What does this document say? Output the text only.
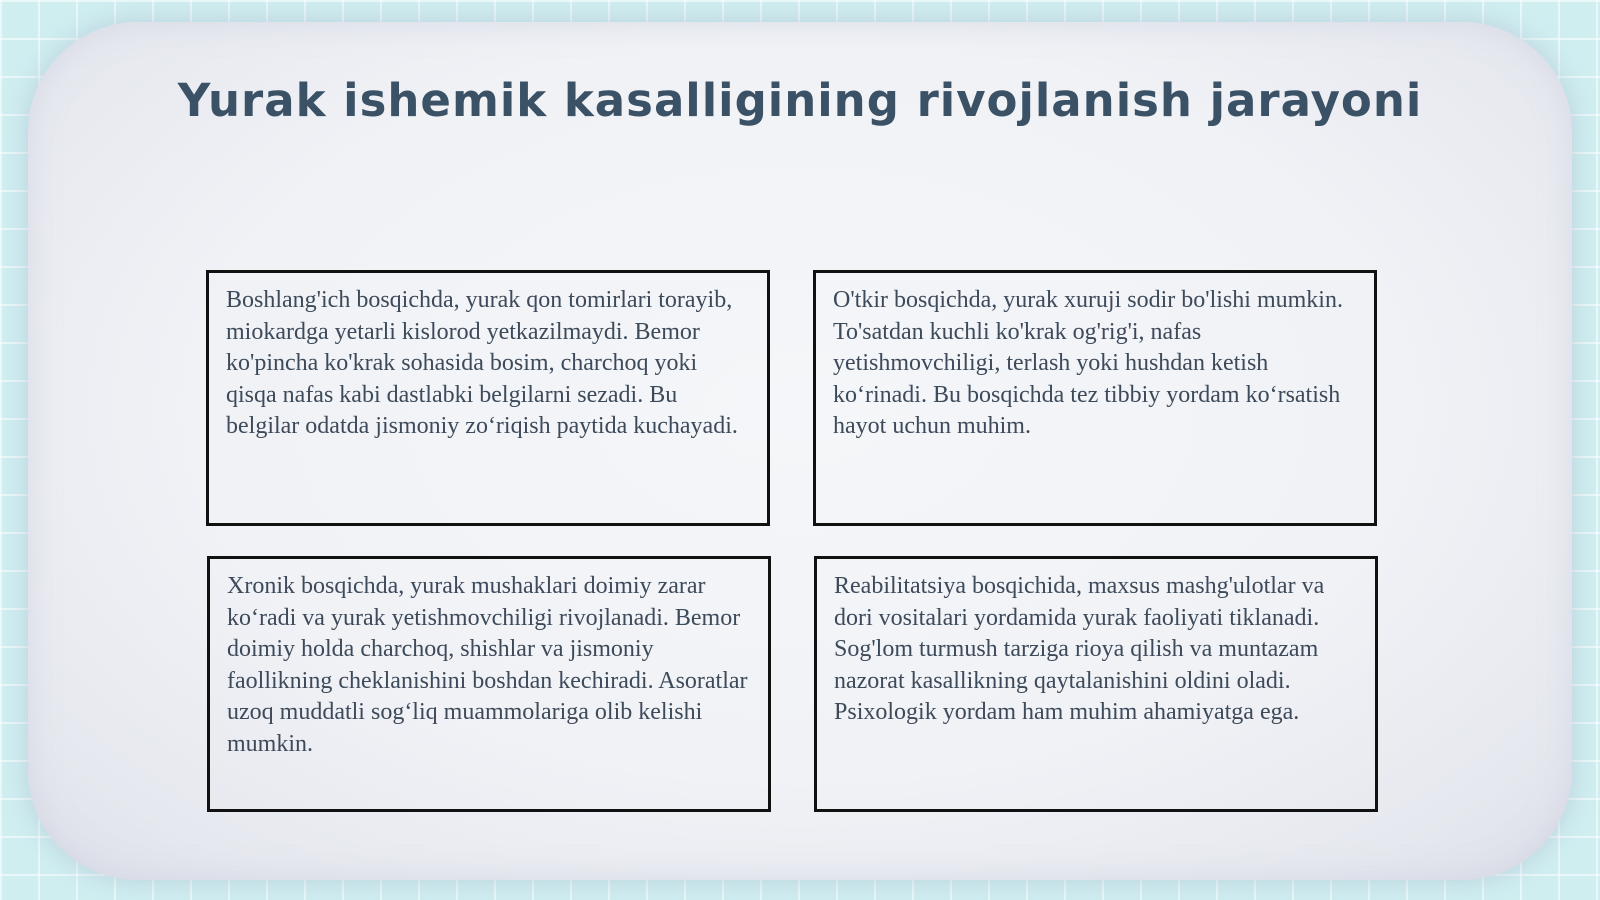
Yurak ishemik kasalligining rivojlanish jarayoni

Boshlang'ich bosqichda, yurak qon tomirlari torayib, miokardga yetarli kislorod yetkazilmaydi. Bemor ko'pincha ko'krak sohasida bosim, charchoq yoki qisqa nafas kabi dastlabki belgilarni sezadi. Bu belgilar odatda jismoniy zo‘riqish paytida kuchayadi.

O'tkir bosqichda, yurak xuruji sodir bo'lishi mumkin. To'satdan kuchli ko'krak og'rig'i, nafas yetishmovchiligi, terlash yoki hushdan ketish ko‘rinadi. Bu bosqichda tez tibbiy yordam ko‘rsatish hayot uchun muhim.

Xronik bosqichda, yurak mushaklari doimiy zarar ko‘radi va yurak yetishmovchiligi rivojlanadi. Bemor doimiy holda charchoq, shishlar va jismoniy faollikning cheklanishini boshdan kechiradi. Asoratlar uzoq muddatli sog‘liq muammolariga olib kelishi mumkin.

Reabilitatsiya bosqichida, maxsus mashg'ulotlar va dori vositalari yordamida yurak faoliyati tiklanadi. Sog'lom turmush tarziga rioya qilish va muntazam nazorat kasallikning qaytalanishini oldini oladi. Psixologik yordam ham muhim ahamiyatga ega.
